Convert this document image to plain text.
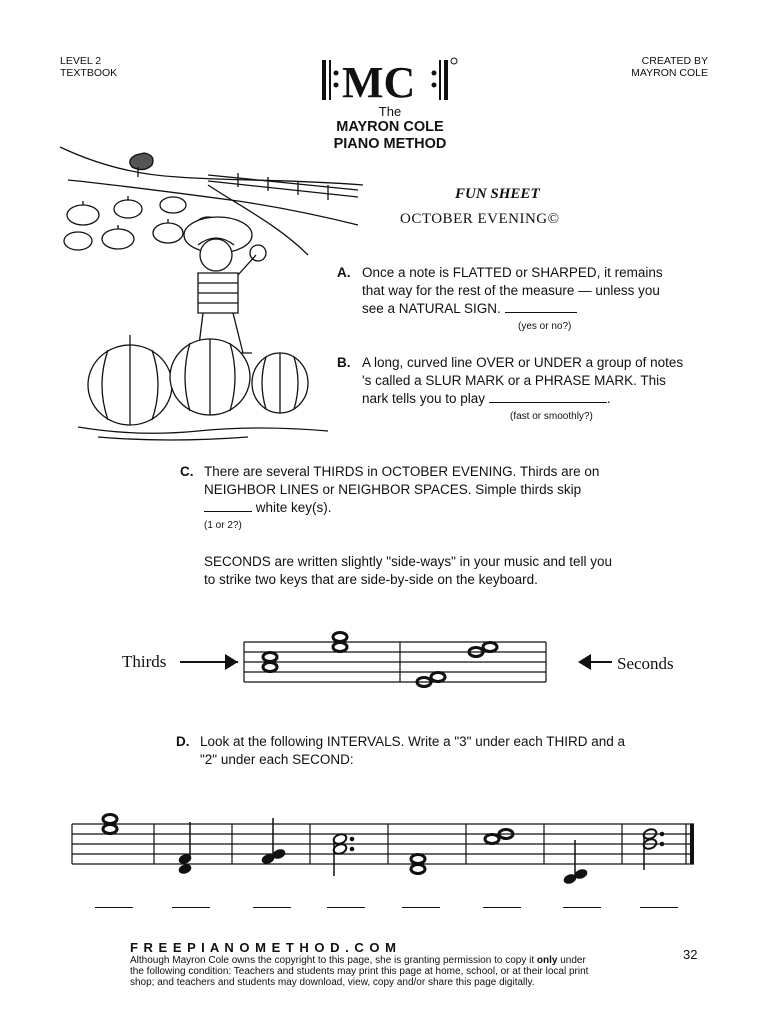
LEVEL 2
TEXTBOOK
CREATED BY
MAYRON COLE
MC
The
MAYRON COLE
PIANO METHOD
FUN SHEET
OCTOBER EVENING©
A. Once a note is FLATTED or SHARPED, it remains
that way for the rest of the measure — unless you
see a NATURAL SIGN.
(yes or no?)
B. A long, curved line OVER or UNDER a group of notes
's called a SLUR MARK or a PHRASE MARK. This
nark tells you to play	.
(fast or smoothly?)
C. There are several THIRDS in OCTOBER EVENING. Thirds are on
NEIGHBOR LINES or NEIGHBOR SPACES. Simple thirds skip
white key(s).
(1 or 2?)
SECONDS are written slightly "side-ways" in your music and tell you
to strike two keys that are side-by-side on the keyboard.
Thirds	Seconds
D. Look at the following INTERVALS. Write a "3" under each THIRD and a
"2" under each SECOND:
F R E E P I A N O M E T H O D . C O M	32
Although Mayron Cole owns the copyright to this page, she is granting permission to copy it only under
the following condition: Teachers and students may print this page at home, school, or at their local print
shop; and teachers and students may download, view, copy and/or share this page digitally.
